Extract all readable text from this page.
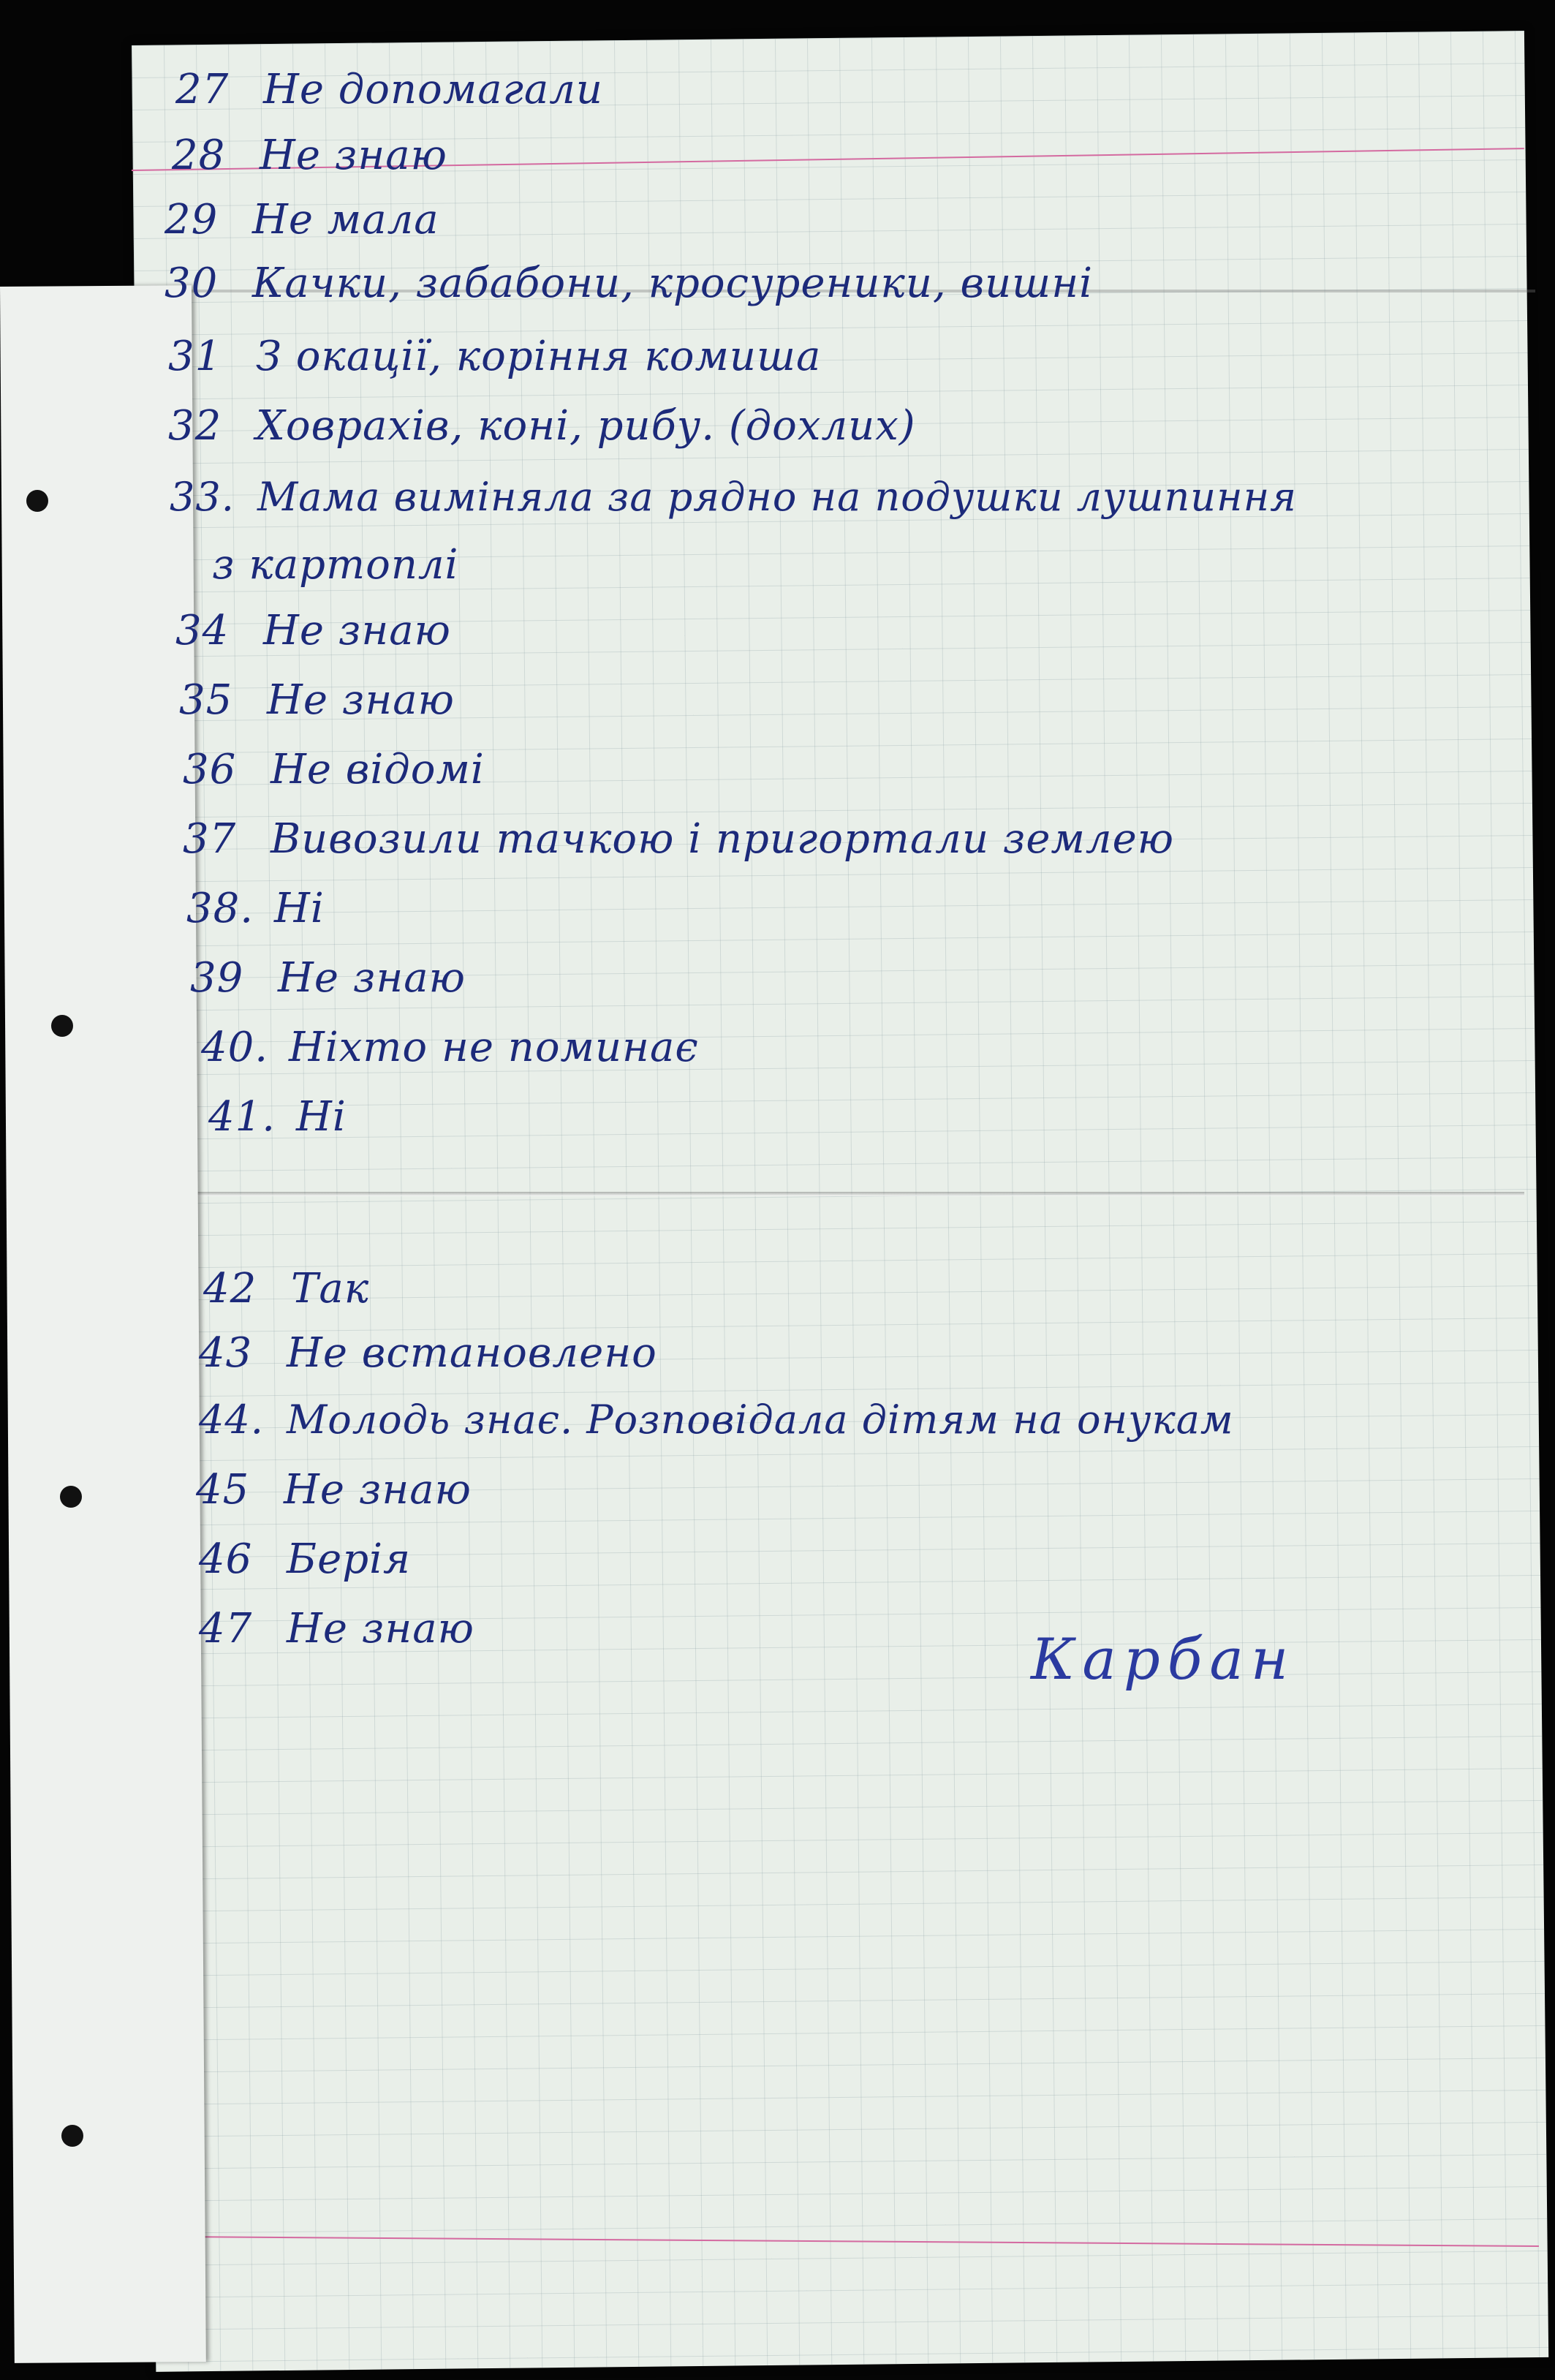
27 Не допомагали
28 Не знаю
29 Не мала
30 Качки, забабони, кросуреники, вишні
31 З окації, коріння комиша
32 Ховрахів, коні, рибу. (дохлих)
33. Мама виміняла за рядно на подушки лушпиння
з картоплі
34 Не знаю
35 Не знаю
36 Не відомі
37 Вивозили тачкою і пригортали землею
38. Ні
39 Не знаю
40. Ніхто не поминає
41. Ні
42 Так
43 Не встановлено
44. Молодь знає. Розповідала дітям на онукам
45 Не знаю
46 Берія
47 Не знаю	Карбан
